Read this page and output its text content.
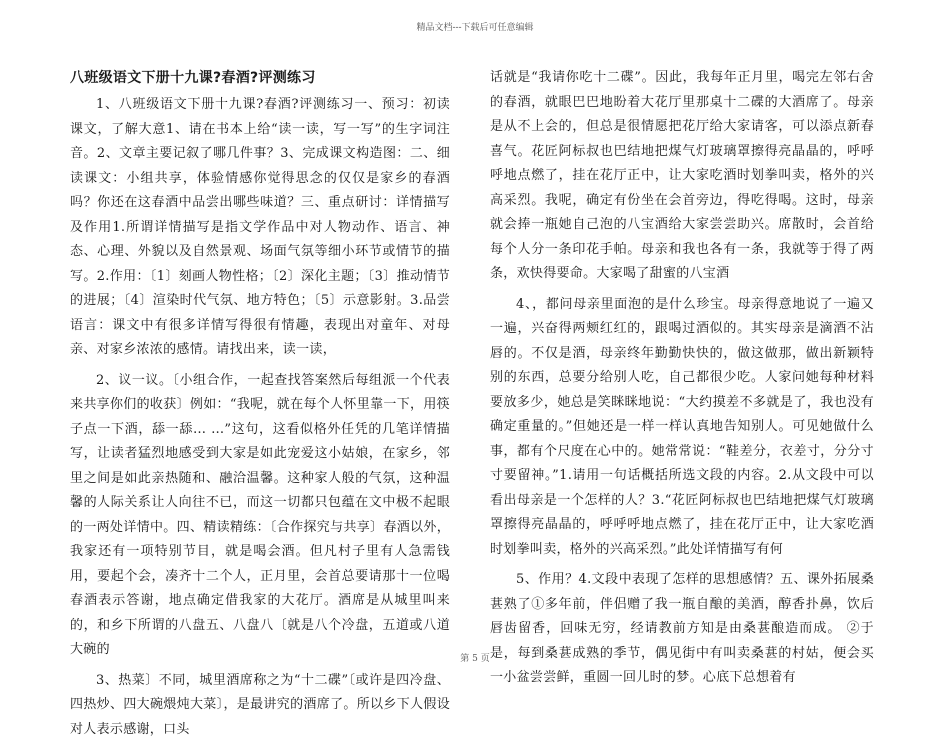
精品文档---下载后可任意编辑
八班级语文下册十九课?春酒?评测练习

1、八班级语文下册十九课?春酒?评测练习一、预习：初读课文，了解大意1、请在书本上给“读一读，写一写”的生字词注音。2、文章主要记叙了哪几件事？3、完成课文构造图：二、细读课文：小组共享，体验情感你觉得思念的仅仅是家乡的春酒吗？你还在这春酒中品尝出哪些味道？三、重点研讨：详情描写及作用1.所谓详情描写是指文学作品中对人物动作、语言、神态、心理、外貌以及自然景观、场面气氛等细小环节或情节的描写。2.作用：〔1〕刻画人物性格；〔2〕深化主题；〔3〕推动情节的进展；〔4〕渲染时代气氛、地方特色；〔5〕示意影射。3.品尝语言：课文中有很多详情写得很有情趣，表现出对童年、对母亲、对家乡浓浓的感情。请找出来，读一读，

2、议一议。〔小组合作，一起查找答案然后每组派一个代表来共享你们的收获〕例如：“我呢，就在每个人怀里靠一下，用筷子点一下酒，舔一舔… …”这句，这看似格外任凭的几笔详情描写，让读者猛烈地感受到大家是如此宠爱这小姑娘，在家乡，邻里之间是如此亲热随和、融洽温馨。这种家人般的气氛，这种温馨的人际关系让人向往不已，而这一切都只包蕴在文中极不起眼的一两处详情中。四、精读精练：〔合作探究与共享〕春酒以外，我家还有一项特别节目，就是喝会酒。但凡村子里有人急需钱用，要起个会，凑齐十二个人，正月里，会首总要请那十一位喝春酒表示答谢，地点确定借我家的大花厅。酒席是从城里叫来的，和乡下所谓的八盘五、八盘八〔就是八个冷盘，五道或八道大碗的

3、热菜〕不同，城里酒席称之为“十二碟”〔或许是四冷盘、四热炒、四大碗煨炖大菜〕，是最讲究的酒席了。所以乡下人假设对人表示感谢，口头

话就是“我请你吃十二碟”。因此，我每年正月里，喝完左邻右舍的春酒，就眼巴巴地盼着大花厅里那桌十二碟的大酒席了。母亲是从不上会的，但总是很情愿把花厅给大家请客，可以添点新春喜气。花匠阿标叔也巴结地把煤气灯玻璃罩擦得亮晶晶的，呼呼呼地点燃了，挂在花厅正中，让大家吃酒时划拳叫卖，格外的兴高采烈。我呢，确定有份坐在会首旁边，得吃得喝。这时，母亲就会捧一瓶她自己泡的八宝酒给大家尝尝助兴。席散时，会首给每个人分一条印花手帕。母亲和我也各有一条，我就等于得了两条，欢快得要命。大家喝了甜蜜的八宝酒

4、，都问母亲里面泡的是什么珍宝。母亲得意地说了一遍又一遍，兴奋得两颊红红的，跟喝过酒似的。其实母亲是滴酒不沾唇的。不仅是酒，母亲终年勤勤快快的，做这做那，做出新颖特别的东西，总要分给别人吃，自己都很少吃。人家问她每种材料要放多少，她总是笑眯眯地说：“大约摸差不多就是了，我也没有确定重量的。”但她还是一样一样认真地告知别人。可见她做什么事，都有个尺度在心中的。她常常说：“鞋差分，衣差寸，分分寸寸要留神。”1.请用一句话概括所选文段的内容。2.从文段中可以看出母亲是一个怎样的人？3.“花匠阿标叔也巴结地把煤气灯玻璃罩擦得亮晶晶的，呼呼呼地点燃了，挂在花厅正中，让大家吃酒时划拳叫卖，格外的兴高采烈。”此处详情描写有何

5、作用？4.文段中表现了怎样的思想感情？五、课外拓展桑葚熟了①多年前，伴侣赠了我一瓶自酿的美酒，醇香扑鼻，饮后唇齿留香，回味无穷，经请教前方知是由桑葚酿造而成。 ②于是，每到桑葚成熟的季节，偶见街中有叫卖桑葚的村姑，便会买一小盆尝尝鲜，重圆一回儿时的梦。心底下总想着有

第 5 页
